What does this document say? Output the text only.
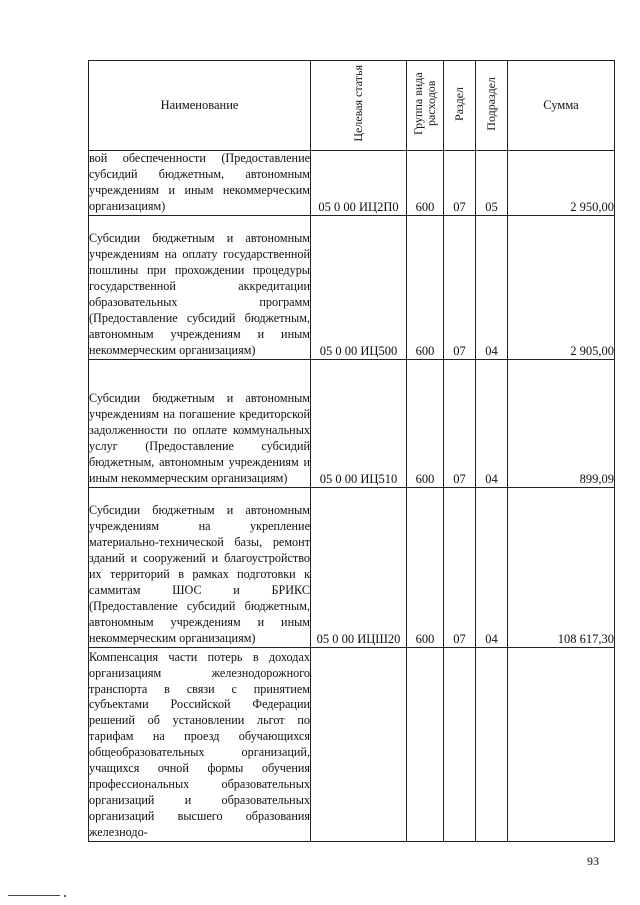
Наименование	Целевая статья	Группа вида расходов	Раздел	Подраздел	Сумма
вой обеспеченности (Предоставление субсидий бюджетным, автономным учреждениям и иным некоммерческим организациям)	05 0 00 ИЦ2П0	600	07	05	2 950,00
Субсидии бюджетным и автономным учреждениям на оплату государственной пошлины при прохождении процедуры государственной аккредитации образовательных программ (Предоставление субсидий бюджетным, автономным учреждениям и иным некоммерческим организациям)	05 0 00 ИЦ500	600	07	04	2 905,00
Субсидии бюджетным и автономным учреждениям на погашение кредиторской задолженности по оплате коммунальных услуг (Предоставление субсидий бюджетным, автономным учреждениям и иным некоммерческим организациям)	05 0 00 ИЦ510	600	07	04	899,09
Субсидии бюджетным и автономным учреждениям на укрепление материально-технической базы, ремонт зданий и сооружений и благоустройство их территорий в рамках подготовки к саммитам ШОС и БРИКС (Предоставление субсидий бюджетным, автономным учреждениям и иным некоммерческим организациям)	05 0 00 ИЦШ20	600	07	04	108 617,30
Компенсация части потерь в доходах организациям железнодорожного транспорта в связи с принятием субъектами Российской Федерации решений об установлении льгот по тарифам на проезд обучающихся общеобразовательных организаций, учащихся очной формы обучения профессиональных образовательных организаций и образовательных организаций высшего образования железнодо-					
93
